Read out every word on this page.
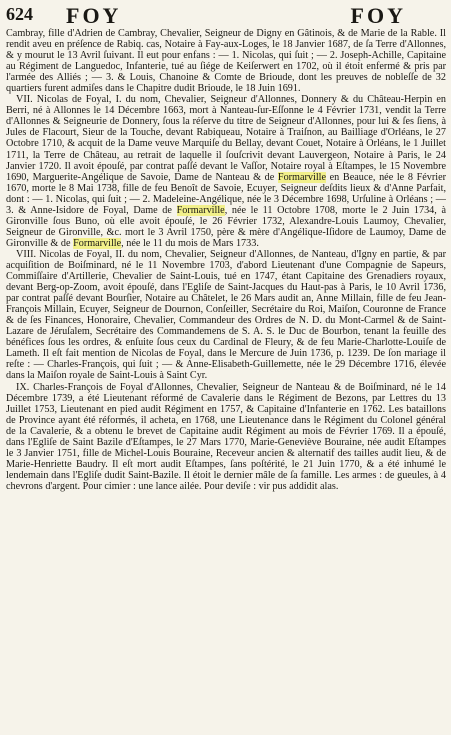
624 FOY	FOY

Cambray, fille d'Adrien de Cambray, Chevalier, Seigneur de Digny en Gâtinois, & de Marie de la Rable. Il rendit aveu en préſence de Rabiq. cas, Notaire à Fay-aux-Loges, le 18 Janvier 1687, de ſa Terre d'Allonnes, & y mourut le 13 Avril ſuivant. Il eut pour enfans : — 1. Nicolas, qui ſuit ; — 2. Joseph-Achille, Capitaine au Régiment de Languedoc, Infanterie, tué au ſiége de Keiſerwert en 1702, où il étoit enfermé & pris par l'armée des Alliés ; — 3. & Louis, Chanoine & Comte de Brioude, dont les preuves de nobleſſe de 32 quartiers furent admiſes dans le Chapitre dudit Brioude, le 18 Juin 1691.

VII. Nicolas de Foyal, I. du nom, Chevalier, Seigneur d'Allonnes, Donnery & du Château-Herpin en Berri, né à Allonnes le 14 Décembre 1663, mort à Nanteau-ſur-Eſſonne le 4 Février 1731, vendit la Terre d'Allonnes & Seigneurie de Donnery, ſous la réſerve du titre de Seigneur d'Allonnes, pour lui & ſes ſiens, à Jules de Flacourt, Sieur de la Touche, devant Rabiqueau, Notaire à Traiſnon, au Bailliage d'Orléans, le 27 Octobre 1710, & acquit de la Dame veuve Marquiſe du Bellay, devant Couet, Notaire à Orléans, le 1 Juillet 1711, la Terre de Château, au retrait de laquelle il ſouſcrivit devant Lauvergeon, Notaire à Paris, le 24 Janvier 1720. Il avoit épouſé, par contrat paſſé devant le Vaſſor, Notaire royal à Eſtampes, le 15 Novembre 1690, Marguerite-Angélique de Savoie, Dame de Nanteau & de Formarville en Beauce, née le 8 Février 1670, morte le 8 Mai 1738, fille de feu Benoît de Savoie, Ecuyer, Seigneur deſdits lieux & d'Anne Parfait, dont : — 1. Nicolas, qui ſuit ; — 2. Madeleine-Angélique, née le 3 Décembre 1698, Urſuline à Orléans ; — 3. & Anne-Isidore de Foyal, Dame de Formarville, née le 11 Octobre 1708, morte le 2 Juin 1734, à Gironville ſous Buno, où elle avoit épouſé, le 26 Février 1732, Alexandre-Louis Laumoy, Chevalier, Seigneur de Gironville, &c. mort le 3 Avril 1750, père & mère d'Angélique-Iſidore de Laumoy, Dame de Gironville & de Formarville, née le 11 du mois de Mars 1733.

VIII. Nicolas de Foyal, II. du nom, Chevalier, Seigneur d'Allonnes, de Nanteau, d'Igny en partie, & par acquiſition de Boiſminard, né le 11 Novembre 1703, d'abord Lieutenant d'une Compagnie de Sapeurs, Commiſſaire d'Artillerie, Chevalier de Saint-Louis, tué en 1747, étant Capitaine des Grenadiers royaux, devant Berg-op-Zoom, avoit épouſé, dans l'Egliſe de Saint-Jacques du Haut-pas à Paris, le 10 Avril 1736, par contrat paſſé devant Bourſier, Notaire au Châtelet, le 26 Mars audit an, Anne Millain, fille de feu Jean-François Millain, Ecuyer, Seigneur de Dournon, Conſeiller, Secrétaire du Roi, Maiſon, Couronne de France & de ſes Finances, Honoraire, Chevalier, Commandeur des Ordres de N. D. du Mont-Carmel & de Saint-Lazare de Jéruſalem, Secrétaire des Commandemens de S. A. S. le Duc de Bourbon, tenant la feuille des bénéfices ſous les ordres, & enſuite ſous ceux du Cardinal de Fleury, & de feu Marie-Charlotte-Louiſe de Lameth. Il eſt fait mention de Nicolas de Foyal, dans le Mercure de Juin 1736, p. 1239. De ſon mariage il reſte : — Charles-François, qui ſuit ; — & Anne-Elisabeth-Guillemette, née le 29 Décembre 1716, élevée dans la Maiſon royale de Saint-Louis à Saint Cyr.

IX. Charles-François de Foyal d'Allonnes, Chevalier, Seigneur de Nanteau & de Boiſminard, né le 14 Décembre 1739, a été Lieutenant réformé de Cavalerie dans le Régiment de Bezons, par Lettres du 13 Juillet 1753, Lieutenant en pied audit Régiment en 1757, & Capitaine d'Infanterie en 1762. Les bataillons de Province ayant été réformés, il acheta, en 1768, une Lieutenance dans le Régiment du Colonel général de la Cavalerie, & a obtenu le brevet de Capitaine audit Régiment au mois de Février 1769. Il a épouſé, dans l'Egliſe de Saint Bazile d'Eſtampes, le 27 Mars 1770, Marie-Geneviève Bouraine, née audit Eſtampes le 3 Janvier 1751, fille de Michel-Louis Bouraine, Receveur ancien & alternatif des tailles audit lieu, & de Marie-Henriette Baudry. Il eſt mort audit Eſtampes, ſans poſtérité, le 21 Juin 1770, & a été inhumé le lendemain dans l'Egliſe dudit Saint-Bazile. Il étoit le dernier mâle de ſa famille. Les armes : de gueules, à 4 chevrons d'argent. Pour cimier : une lance ailée. Pour deviſe : vir pus addidit alas.
